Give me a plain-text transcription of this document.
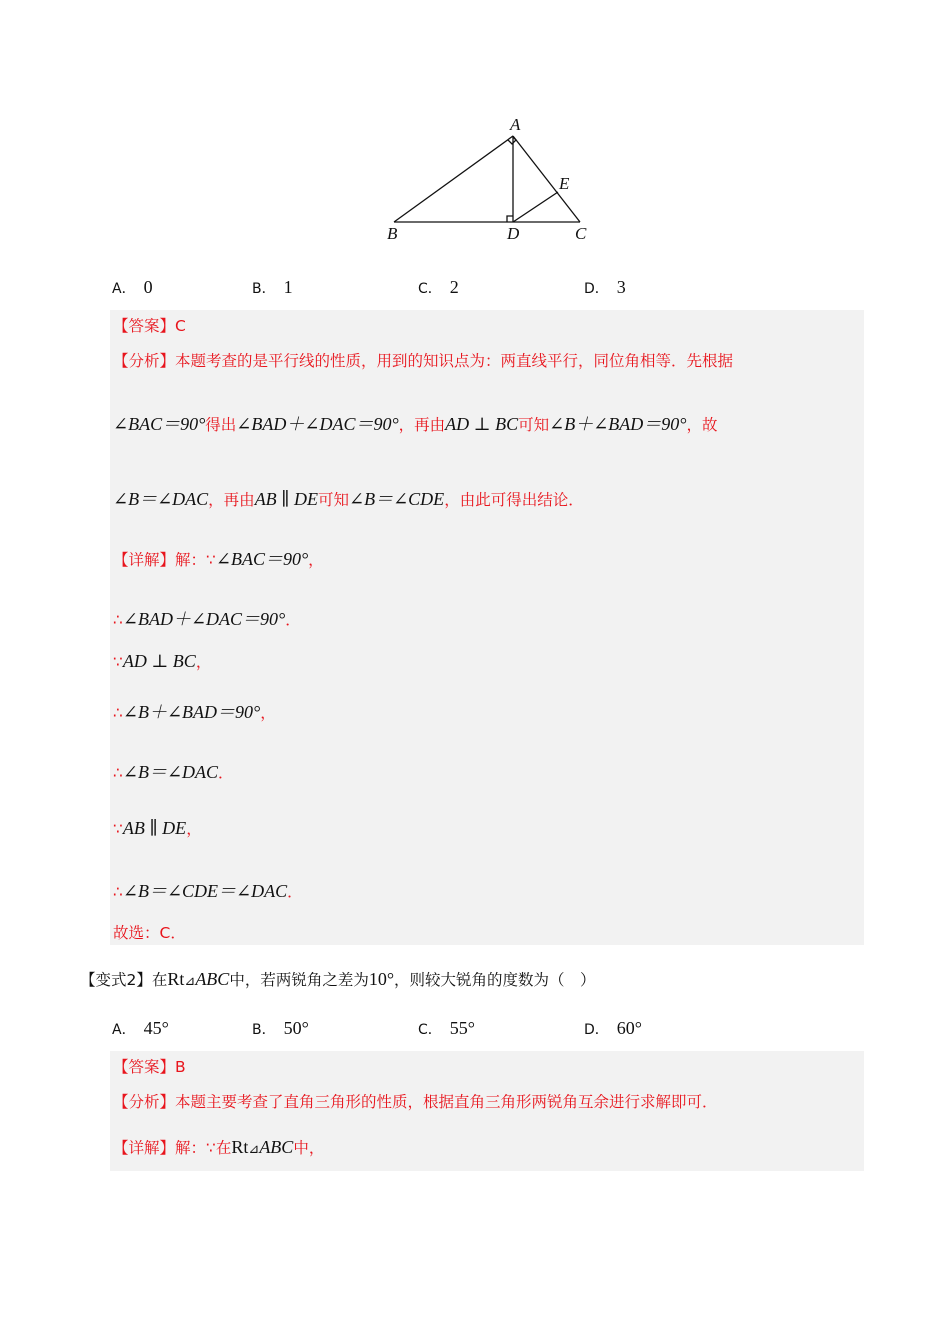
A
B	D	C
E
A． 0	B． 1	C． 2	D． 3
【答案】C
【分析】本题考查的是平行线的性质，用到的知识点为：两直线平行，同位角相等．先根据
∠BAC＝90°得出∠BAD＋∠DAC＝90°，再由AD ⊥ BC可知∠B＋∠BAD＝90°，故
∠B＝∠DAC，再由AB ∥ DE可知∠B＝∠CDE，由此可得出结论．
【详解】解：∵∠BAC＝90°，
∴∠BAD＋∠DAC＝90°．
∵AD ⊥ BC，
∴∠B＋∠BAD＝90°，
∴∠B＝∠DAC．
∵AB ∥ DE，
∴∠B＝∠CDE＝∠DAC．
故选：C．
【变式2】在Rt⊿ABC中，若两锐角之差为10°，则较大锐角的度数为（　）
A． 45°	B． 50°	C． 55°	D． 60°
【答案】B
【分析】本题主要考查了直角三角形的性质，根据直角三角形两锐角互余进行求解即可．
【详解】解：∵在Rt⊿ABC中，
